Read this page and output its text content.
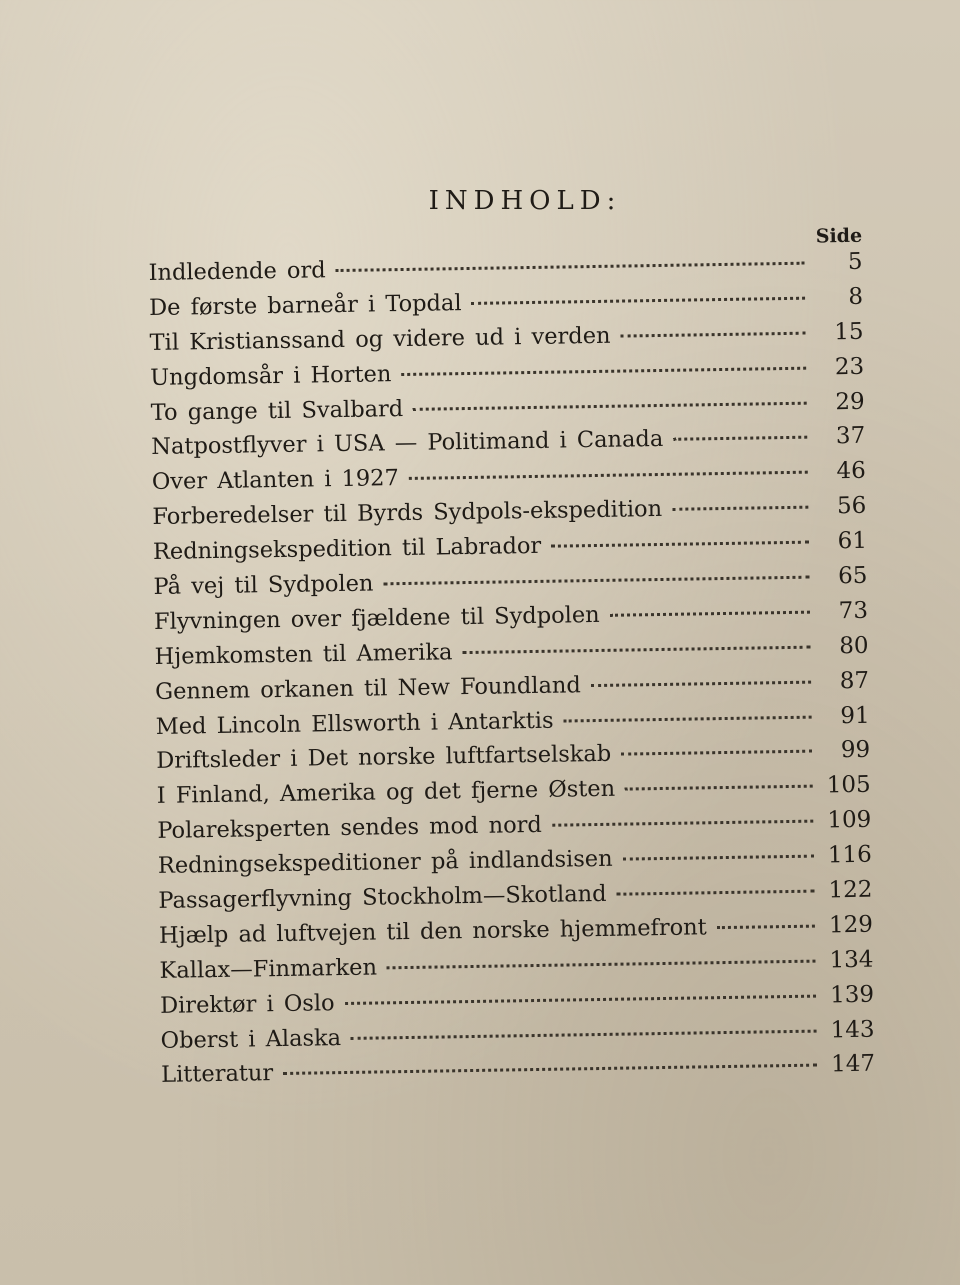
INDHOLD:
Side
Indledende ord	5
De første barneår i Topdal	8
Til Kristianssand og videre ud i verden	15
Ungdomsår i Horten	23
To gange til Svalbard	29
Natpostflyver i USA — Politimand i Canada	37
Over Atlanten i 1927	46
Forberedelser til Byrds Sydpols-ekspedition	56
Redningsekspedition til Labrador	61
På vej til Sydpolen	65
Flyvningen over fjældene til Sydpolen	73
Hjemkomsten til Amerika	80
Gennem orkanen til New Foundland	87
Med Lincoln Ellsworth i Antarktis	91
Driftsleder i Det norske luftfartselskab	99
I Finland, Amerika og det fjerne Østen	105
Polareksperten sendes mod nord	109
Redningsekspeditioner på indlandsisen	116
Passagerflyvning Stockholm—Skotland	122
Hjælp ad luftvejen til den norske hjemmefront	129
Kallax—Finmarken	134
Direktør i Oslo	139
Oberst i Alaska	143
Litteratur	147
